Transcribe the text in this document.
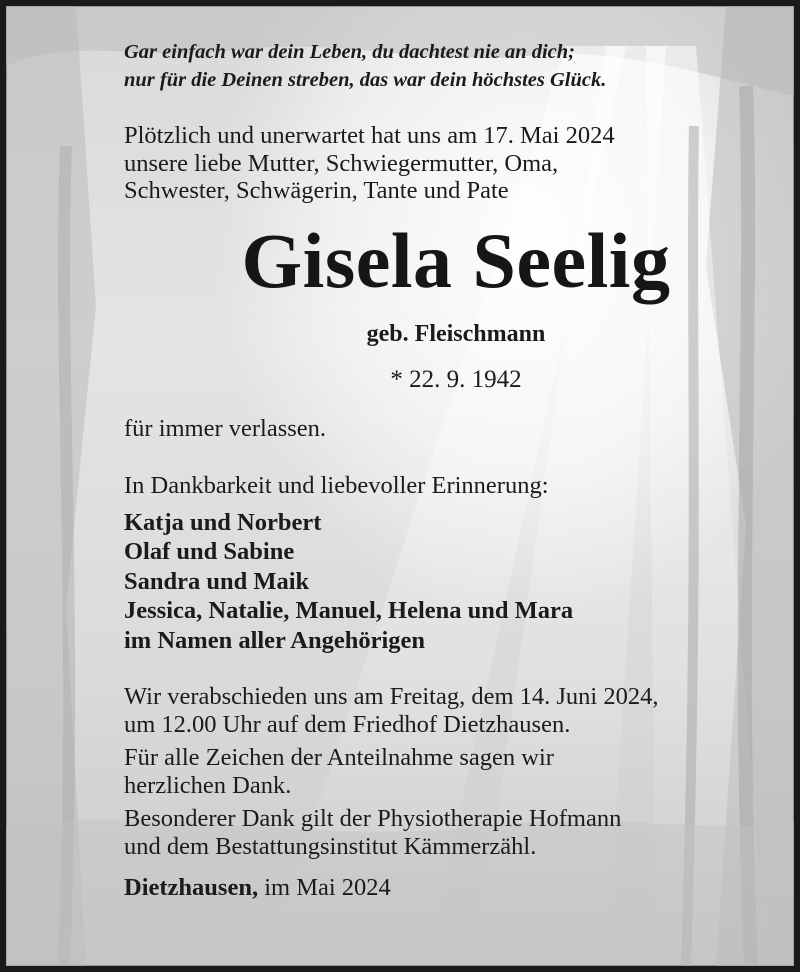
Gar einfach war dein Leben, du dachtest nie an dich;

nur für die Deinen streben, das war dein höchstes Glück.

Plötzlich und unerwartet hat uns am 17. Mai 2024

unsere liebe Mutter, Schwiegermutter, Oma,

Schwester, Schwägerin, Tante und Pate

Gisela Seelig

geb. Fleischmann

* 22. 9. 1942

für immer verlassen.

In Dankbarkeit und liebevoller Erinnerung:

Katja und Norbert
Olaf und Sabine
Sandra und Maik
Jessica, Natalie, Manuel, Helena und Mara
im Namen aller Angehörigen

Wir verabschieden uns am Freitag, dem 14. Juni 2024,

um 12.00 Uhr auf dem Friedhof Dietzhausen.

Für alle Zeichen der Anteilnahme sagen wir

herzlichen Dank.

Besonderer Dank gilt der Physiotherapie Hofmann

und dem Bestattungsinstitut Kämmerzähl.

Dietzhausen, im Mai 2024
